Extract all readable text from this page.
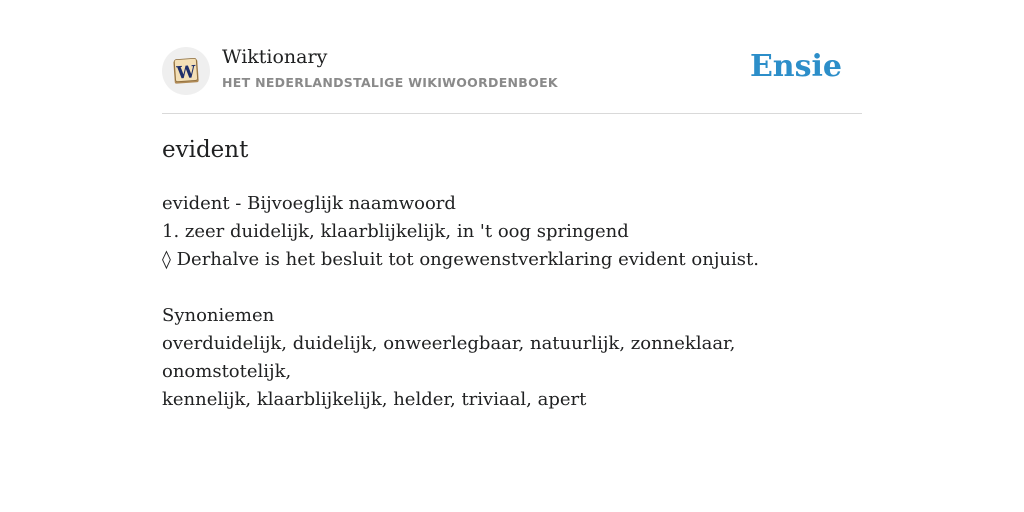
W
Wiktionary
HET NEDERLANDSTALIGE WIKIWOORDENBOEK	Ensie
evident

evident - Bijvoeglijk naamwoord

1. zeer duidelijk, klaarblijkelijk, in 't oog springend

◊ Derhalve is het besluit tot ongewenstverklaring evident onjuist.

Synoniemen

overduidelijk, duidelijk, onweerlegbaar, natuurlijk, zonneklaar, onomstotelijk,

kennelijk, klaarblijkelijk, helder, triviaal, apert
